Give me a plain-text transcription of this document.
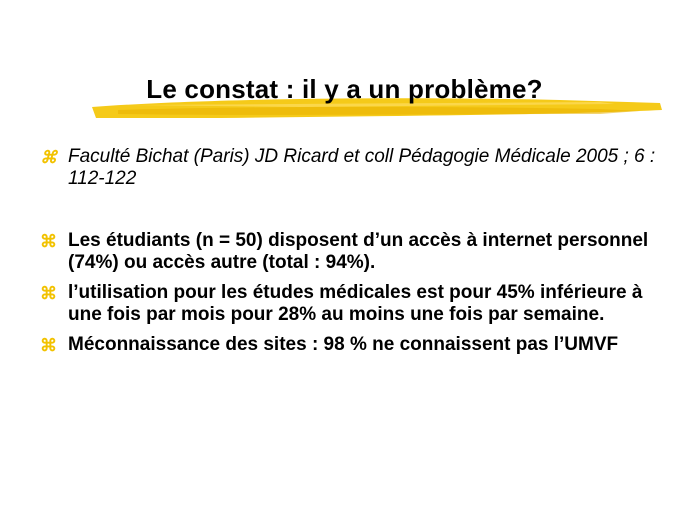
Le constat : il y a un problème?
⌘ Faculté Bichat (Paris) JD Ricard et coll Pédagogie Médicale 2005 ; 6 : 112-122
⌘ Les étudiants (n = 50) disposent d’un accès à internet personnel (74%) ou accès autre (total : 94%).
⌘ l’utilisation pour les études médicales est pour 45% inférieure à une fois par mois pour 28% au moins une fois par semaine.
⌘ Méconnaissance des sites : 98 % ne connaissent pas l’UMVF
